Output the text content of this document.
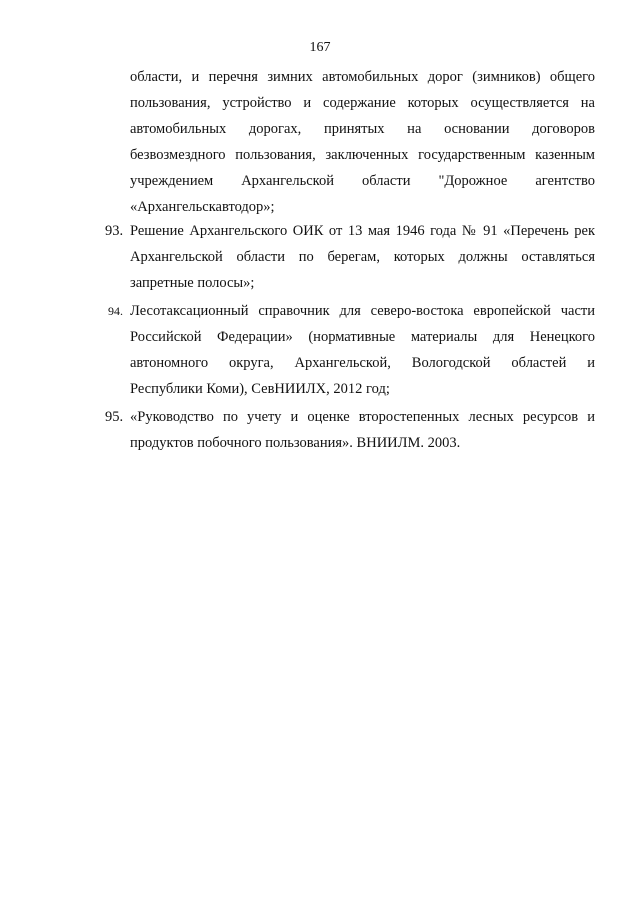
167
области, и перечня зимних автомобильных дорог (зимников) общего
пользования, устройство и содержание которых осуществляется на
автомобильных дорогах, принятых на основании договоров
безвозмездного пользования, заключенных государственным казенным
учреждением Архангельской области "Дорожное агентство
«Архангельскавтодор»;
93. Решение Архангельского ОИК от 13 мая 1946 года № 91 «Перечень рек
Архангельской области по берегам, которых должны оставляться
запретные полосы»;
94. Лесотаксационный справочник для северо-востока европейской части
Российской Федерации» (нормативные материалы для Ненецкого
автономного округа, Архангельской, Вологодской областей и
Республики Коми), СевНИИЛХ, 2012 год;
95. «Руководство по учету и оценке второстепенных лесных ресурсов и
продуктов побочного пользования». ВНИИЛМ. 2003.
